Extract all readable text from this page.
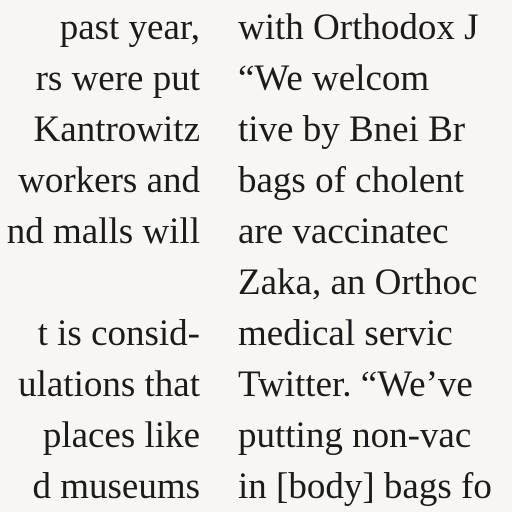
past year,
rs were put
Kantrowitz
workers and
nd malls will
t is consid-
ulations that
places like
d museums
with Orthodox J
“We welcom
tive by Bnei Br
bags of cholent
are vaccinatec
Zaka, an Orthoc
medical servic
Twitter. “We’ve
putting non-vac
in [body] bags fo
